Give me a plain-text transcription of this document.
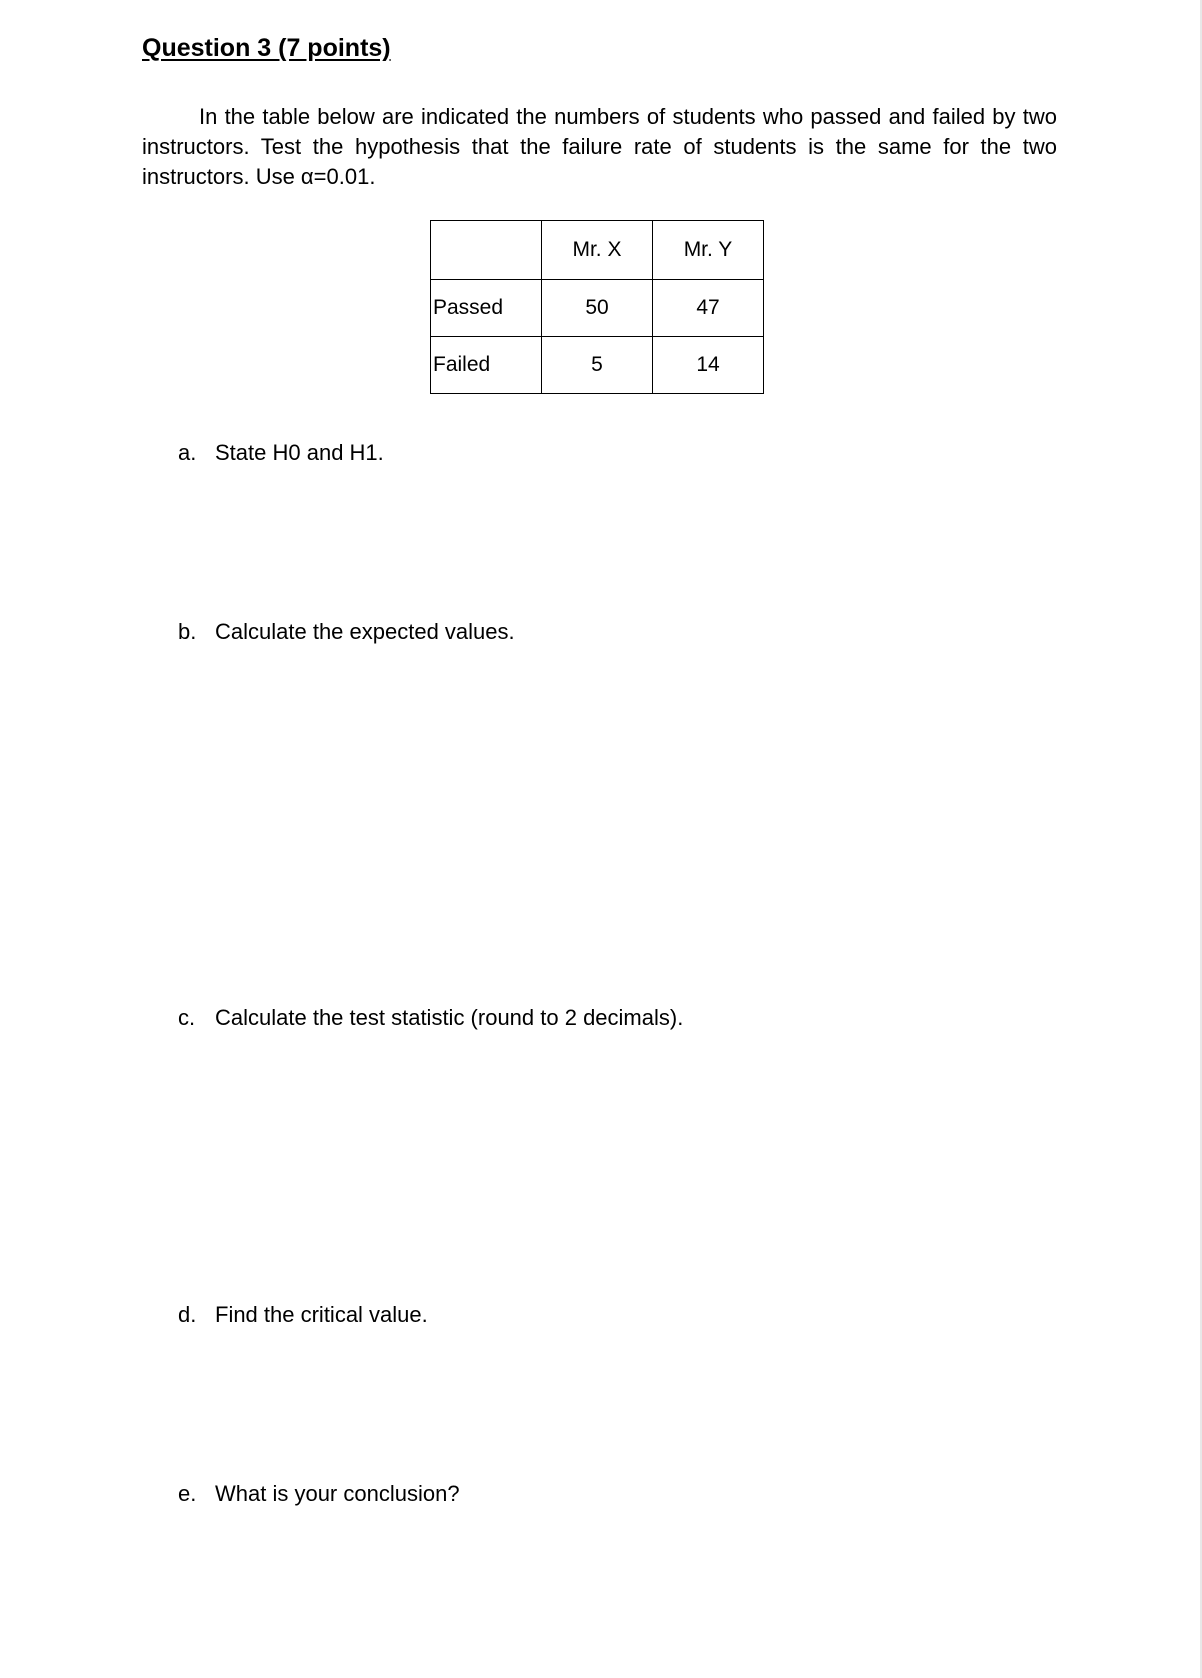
Question 3 (7 points)

In the table below are indicated the numbers of students who passed and failed by two instructors. Test the hypothesis that the failure rate of students is the same for the two instructors. Use α=0.01.

	Mr. X	Mr. Y
Passed	50	47
Failed	5	14
a. State H0 and H1.
b. Calculate the expected values.
c. Calculate the test statistic (round to 2 decimals).
d. Find the critical value.
e. What is your conclusion?
